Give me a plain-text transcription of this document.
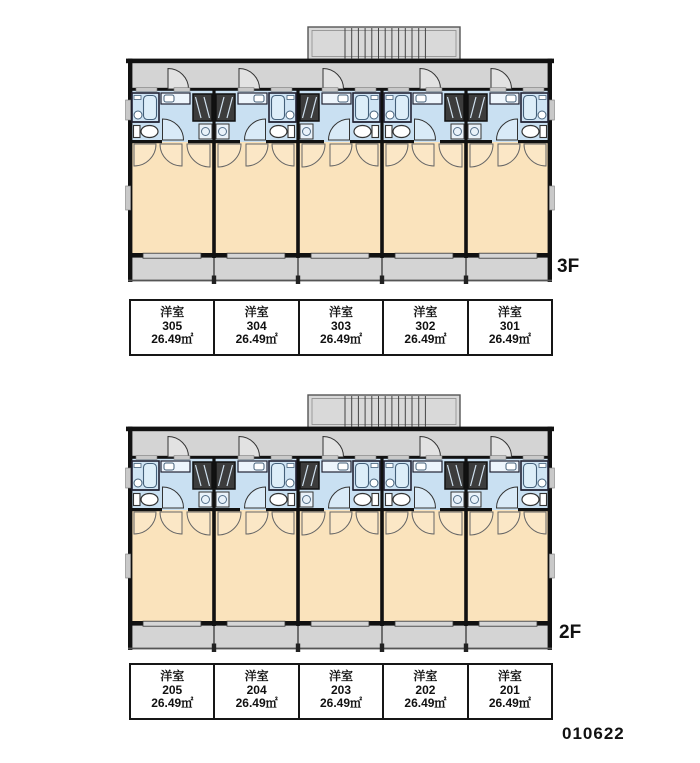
3F
洋室
305
26.49㎡
洋室
304
26.49㎡
洋室
303
26.49㎡
洋室
302
26.49㎡
洋室
301
26.49㎡
2F
洋室
205
26.49㎡
洋室
204
26.49㎡
洋室
203
26.49㎡
洋室
202
26.49㎡
洋室
201
26.49㎡
010622
